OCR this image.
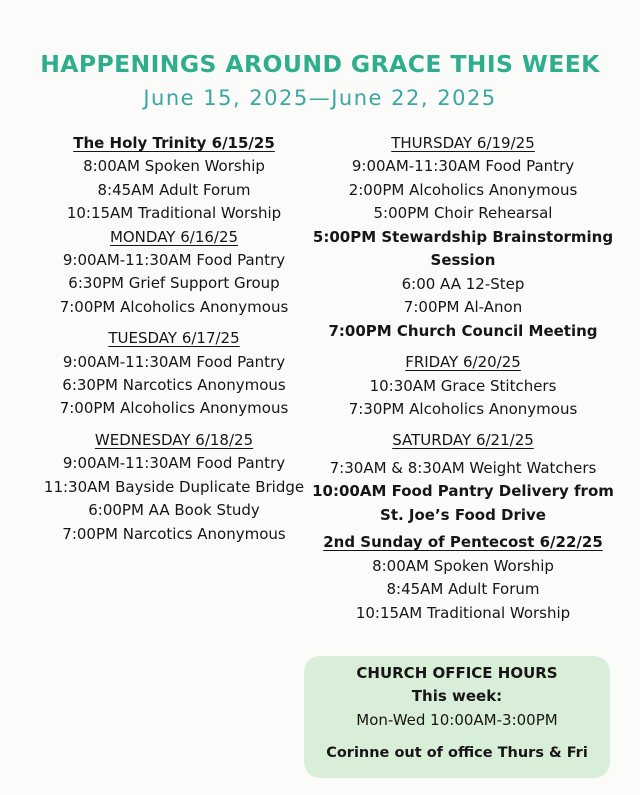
HAPPENINGS AROUND GRACE THIS WEEK
June 15, 2025—June 22, 2025
The Holy Trinity 6/15/25
8:00AM Spoken Worship
8:45AM Adult Forum
10:15AM Traditional Worship
MONDAY 6/16/25
9:00AM-11:30AM Food Pantry
6:30PM Grief Support Group
7:00PM Alcoholics Anonymous
TUESDAY 6/17/25
9:00AM-11:30AM Food Pantry
6:30PM Narcotics Anonymous
7:00PM Alcoholics Anonymous
WEDNESDAY 6/18/25
9:00AM-11:30AM Food Pantry
11:30AM Bayside Duplicate Bridge
6:00PM AA Book Study
7:00PM Narcotics Anonymous
THURSDAY 6/19/25
9:00AM-11:30AM Food Pantry
2:00PM Alcoholics Anonymous
5:00PM Choir Rehearsal
5:00PM Stewardship Brainstorming Session
6:00 AA 12-Step
7:00PM Al-Anon
7:00PM Church Council Meeting
FRIDAY 6/20/25
10:30AM Grace Stitchers
7:30PM Alcoholics Anonymous
SATURDAY 6/21/25
7:30AM & 8:30AM Weight Watchers
10:00AM Food Pantry Delivery from St. Joe’s Food Drive
2nd Sunday of Pentecost 6/22/25
8:00AM Spoken Worship
8:45AM Adult Forum
10:15AM Traditional Worship
CHURCH OFFICE HOURS
This week:
Mon-Wed 10:00AM-3:00PM
Corinne out of office Thurs & Fri
